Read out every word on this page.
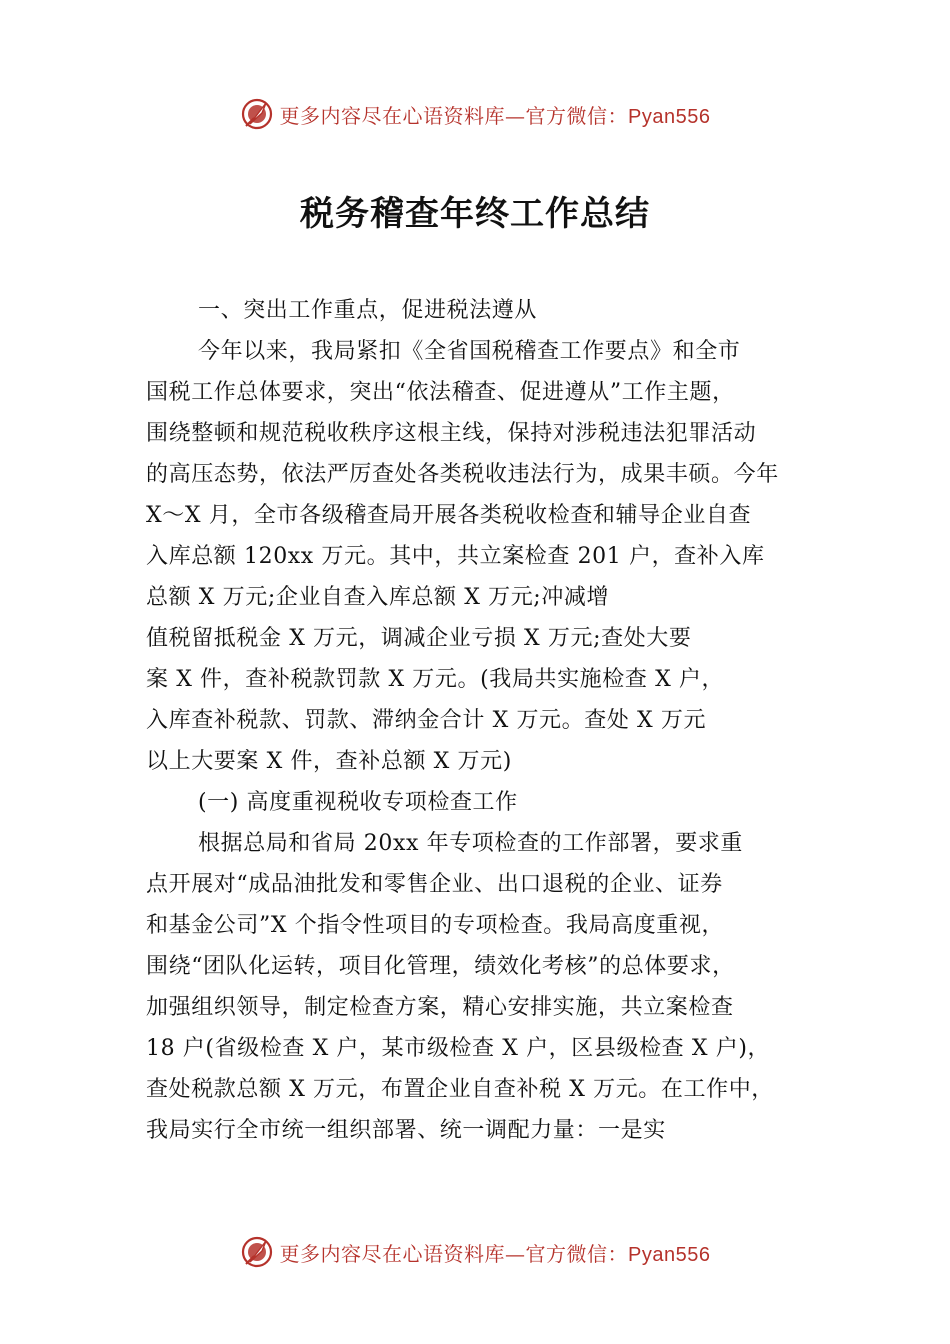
更多内容尽在心语资料库—官方微信：Pyan556
税务稽查年终工作总结
一、突出工作重点，促进税法遵从
今年以来，我局紧扣《全省国税稽查工作要点》和全市
国税工作总体要求，突出“依法稽查、促进遵从”工作主题，
围绕整顿和规范税收秩序这根主线，保持对涉税违法犯罪活动
的高压态势，依法严厉查处各类税收违法行为，成果丰硕。今年
X～X 月，全市各级稽查局开展各类税收检查和辅导企业自查
入库总额 120xx 万元。其中，共立案检查 201 户，查补入库
总额 X 万元;企业自查入库总额 X 万元;冲减增
值税留抵税金 X 万元，调减企业亏损 X 万元;查处大要
案 X 件，查补税款罚款 X 万元。(我局共实施检查 X 户，
入库查补税款、罚款、滞纳金合计 X 万元。查处 X 万元
以上大要案 X 件，查补总额 X 万元)
(一) 高度重视税收专项检查工作
根据总局和省局 20xx 年专项检查的工作部署，要求重
点开展对“成品油批发和零售企业、出口退税的企业、证券
和基金公司”X 个指令性项目的专项检查。我局高度重视，
围绕“团队化运转，项目化管理，绩效化考核”的总体要求，
加强组织领导，制定检查方案，精心安排实施，共立案检查
18 户(省级检查 X 户，某市级检查 X 户，区县级检查 X 户)，
查处税款总额 X 万元，布置企业自查补税 X 万元。在工作中，
我局实行全市统一组织部署、统一调配力量：一是实
更多内容尽在心语资料库—官方微信：Pyan556
